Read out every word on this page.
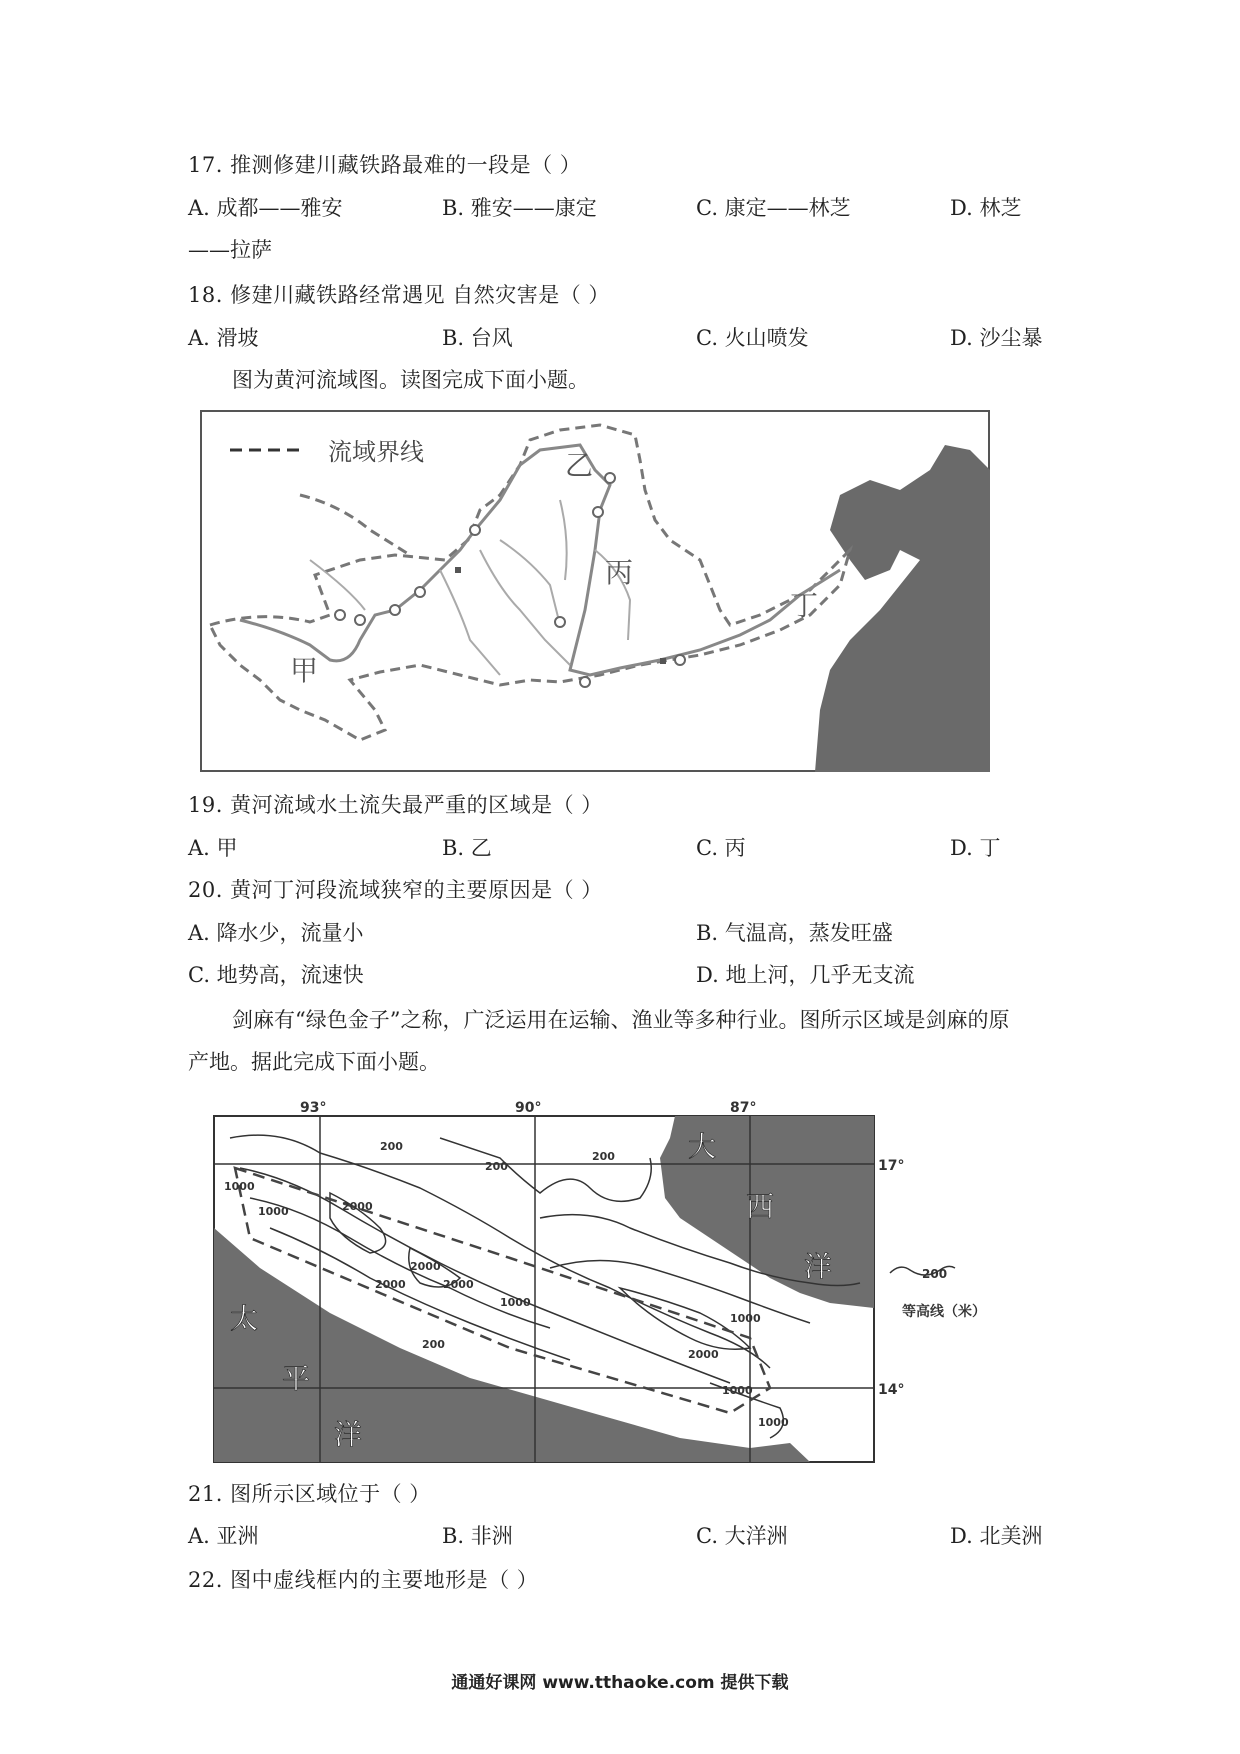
17. 推测修建川藏铁路最难的一段是（ ）
A. 成都——雅安	B. 雅安——康定	C. 康定——林芝	D. 林芝
——拉萨
18. 修建川藏铁路经常遇见 自然灾害是（ ）
A. 滑坡	B. 台风	C. 火山喷发	D. 沙尘暴
图为黄河流域图。读图完成下面小题。
流域界线
甲
乙
丙
丁
19. 黄河流域水土流失最严重的区域是（ ）
A. 甲	B. 乙	C. 丙	D. 丁
20. 黄河丁河段流域狭窄的主要原因是（ ）
A. 降水少，流量小	B. 气温高，蒸发旺盛
C. 地势高，流速快	D. 地上河，几乎无支流
剑麻有“绿色金子”之称，广泛运用在运输、渔业等多种行业。图所示区域是剑麻的原
产地。据此完成下面小题。
93°	90°	87°
17°
14°
大
西
洋
太
平
洋
200
200
200
1000
1000	2000
2000
2000	2000
1000
1000
2000
1000
1000
200
200
等高线（米）
21. 图所示区域位于（ ）
A. 亚洲	B. 非洲	C. 大洋洲	D. 北美洲
22. 图中虚线框内的主要地形是（ ）
通通好课网 www.tthaoke.com 提供下载
